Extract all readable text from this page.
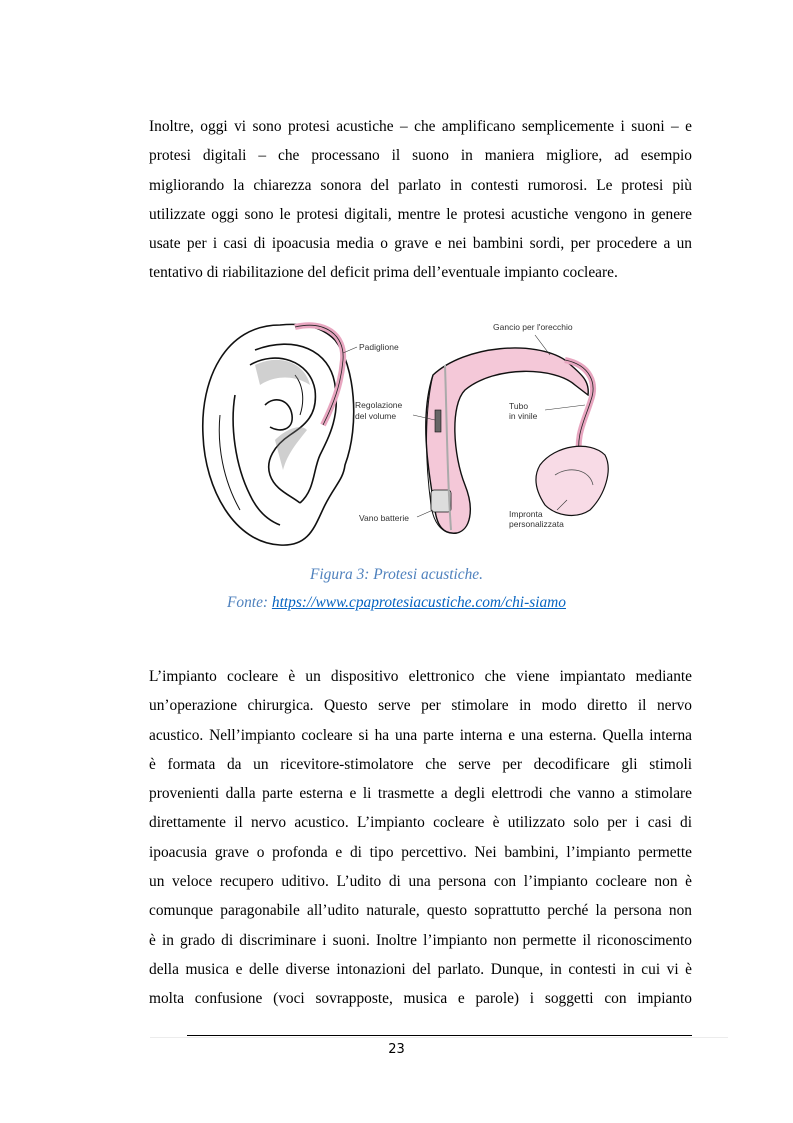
Inoltre, oggi vi sono protesi acustiche – che amplificano semplicemente i suoni – e
protesi digitali – che processano il suono in maniera migliore, ad esempio
migliorando la chiarezza sonora del parlato in contesti rumorosi. Le protesi più
utilizzate oggi sono le protesi digitali, mentre le protesi acustiche vengono in genere
usate per i casi di ipoacusia media o grave e nei bambini sordi, per procedere a un
tentativo di riabilitazione del deficit prima dell’eventuale impianto cocleare.
Padiglione
Gancio per l'orecchio
Regolazione
del volume
Tubo
in vinile
Vano batterie	Impronta
personalizzata
Figura 3: Protesi acustiche.
Fonte: https://www.cpaprotesiacustiche.com/chi-siamo
L’impianto cocleare è un dispositivo elettronico che viene impiantato mediante
un’operazione chirurgica. Questo serve per stimolare in modo diretto il nervo
acustico. Nell’impianto cocleare si ha una parte interna e una esterna. Quella interna
è formata da un ricevitore-stimolatore che serve per decodificare gli stimoli
provenienti dalla parte esterna e li trasmette a degli elettrodi che vanno a stimolare
direttamente il nervo acustico. L’impianto cocleare è utilizzato solo per i casi di
ipoacusia grave o profonda e di tipo percettivo. Nei bambini, l’impianto permette
un veloce recupero uditivo. L’udito di una persona con l’impianto cocleare non è
comunque paragonabile all’udito naturale, questo soprattutto perché la persona non
è in grado di discriminare i suoni. Inoltre l’impianto non permette il riconoscimento
della musica e delle diverse intonazioni del parlato. Dunque, in contesti in cui vi è
molta confusione (voci sovrapposte, musica e parole) i soggetti con impianto
23
